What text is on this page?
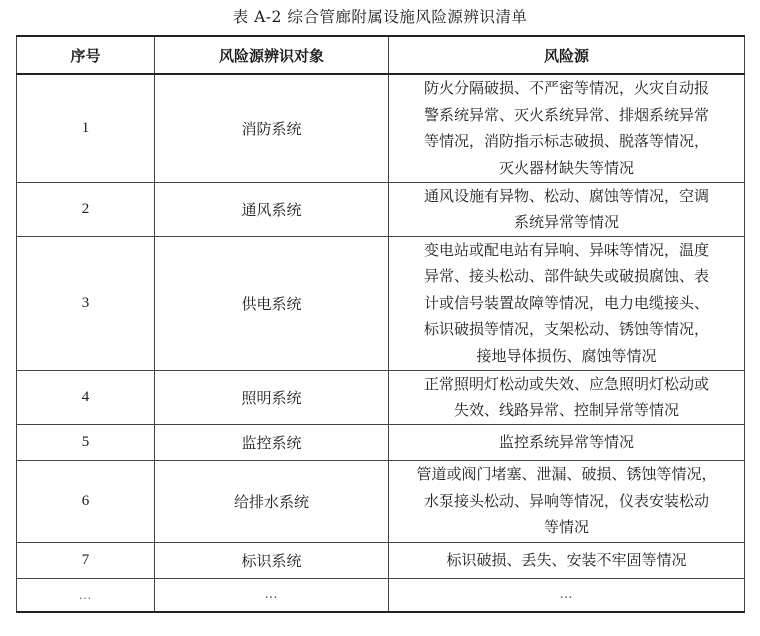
表 A-2 综合管廊附属设施风险源辨识清单
序号	风险源辨识对象	风险源
1	消防系统	防火分隔破损、不严密等情况，火灾自动报
警系统异常、灭火系统异常、排烟系统异常
等情况，消防指示标志破损、脱落等情况，
灭火器材缺失等情况

2	通风系统	通风设施有异物、松动、腐蚀等情况，空调
系统异常等情况

3	供电系统	变电站或配电站有异响、异味等情况，温度
异常、接头松动、部件缺失或破损腐蚀、表
计或信号装置故障等情况，电力电缆接头、
标识破损等情况，支架松动、锈蚀等情况，
接地导体损伤、腐蚀等情况

4	照明系统	正常照明灯松动或失效、应急照明灯松动或
失效、线路异常、控制异常等情况

5	监控系统	监控系统异常等情况

6	给排水系统	管道或阀门堵塞、泄漏、破损、锈蚀等情况，
水泵接头松动、异响等情况，仪表安装松动
等情况

7	标识系统	标识破损、丢失、安装不牢固等情况

…	…	…
